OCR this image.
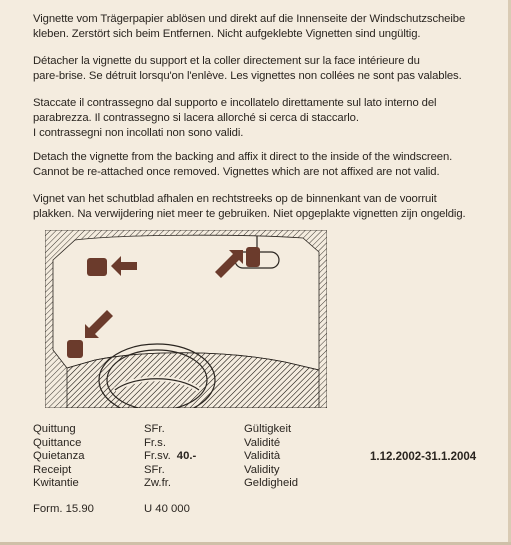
Vignette vom Trägerpapier ablösen und direkt auf die Innenseite der Windschutzscheibe
kleben. Zerstört sich beim Entfernen. Nicht aufgeklebte Vignetten sind ungültig.
Détacher la vignette du support et la coller directement sur la face intérieure du
pare-brise. Se détruit lorsqu'on l'enlève. Les vignettes non collées ne sont pas valables.
Staccate il contrassegno dal supporto e incollatelo direttamente sul lato interno del
parabrezza. Il contrassegno si lacera allorché si cerca di staccarlo.
I contrassegni non incollati non sono validi.
Detach the vignette from the backing and affix it direct to the inside of the windscreen.
Cannot be re-attached once removed. Vignettes which are not affixed are not valid.
Vignet van het schutblad afhalen en rechtstreeks op de binnenkant van de voorruit
plakken. Na verwijdering niet meer te gebruiken. Niet opgeplakte vignetten zijn ongeldig.
Quittung
Quittance
Quietanza
Receipt
Kwitantie
SFr.
Fr.s.
Fr.sv. 40.-
SFr.
Zw.fr.
Gültigkeit
Validité
Validità
Validity
Geldigheid
1.12.2002-31.1.2004
Form. 15.90	U 40 000
